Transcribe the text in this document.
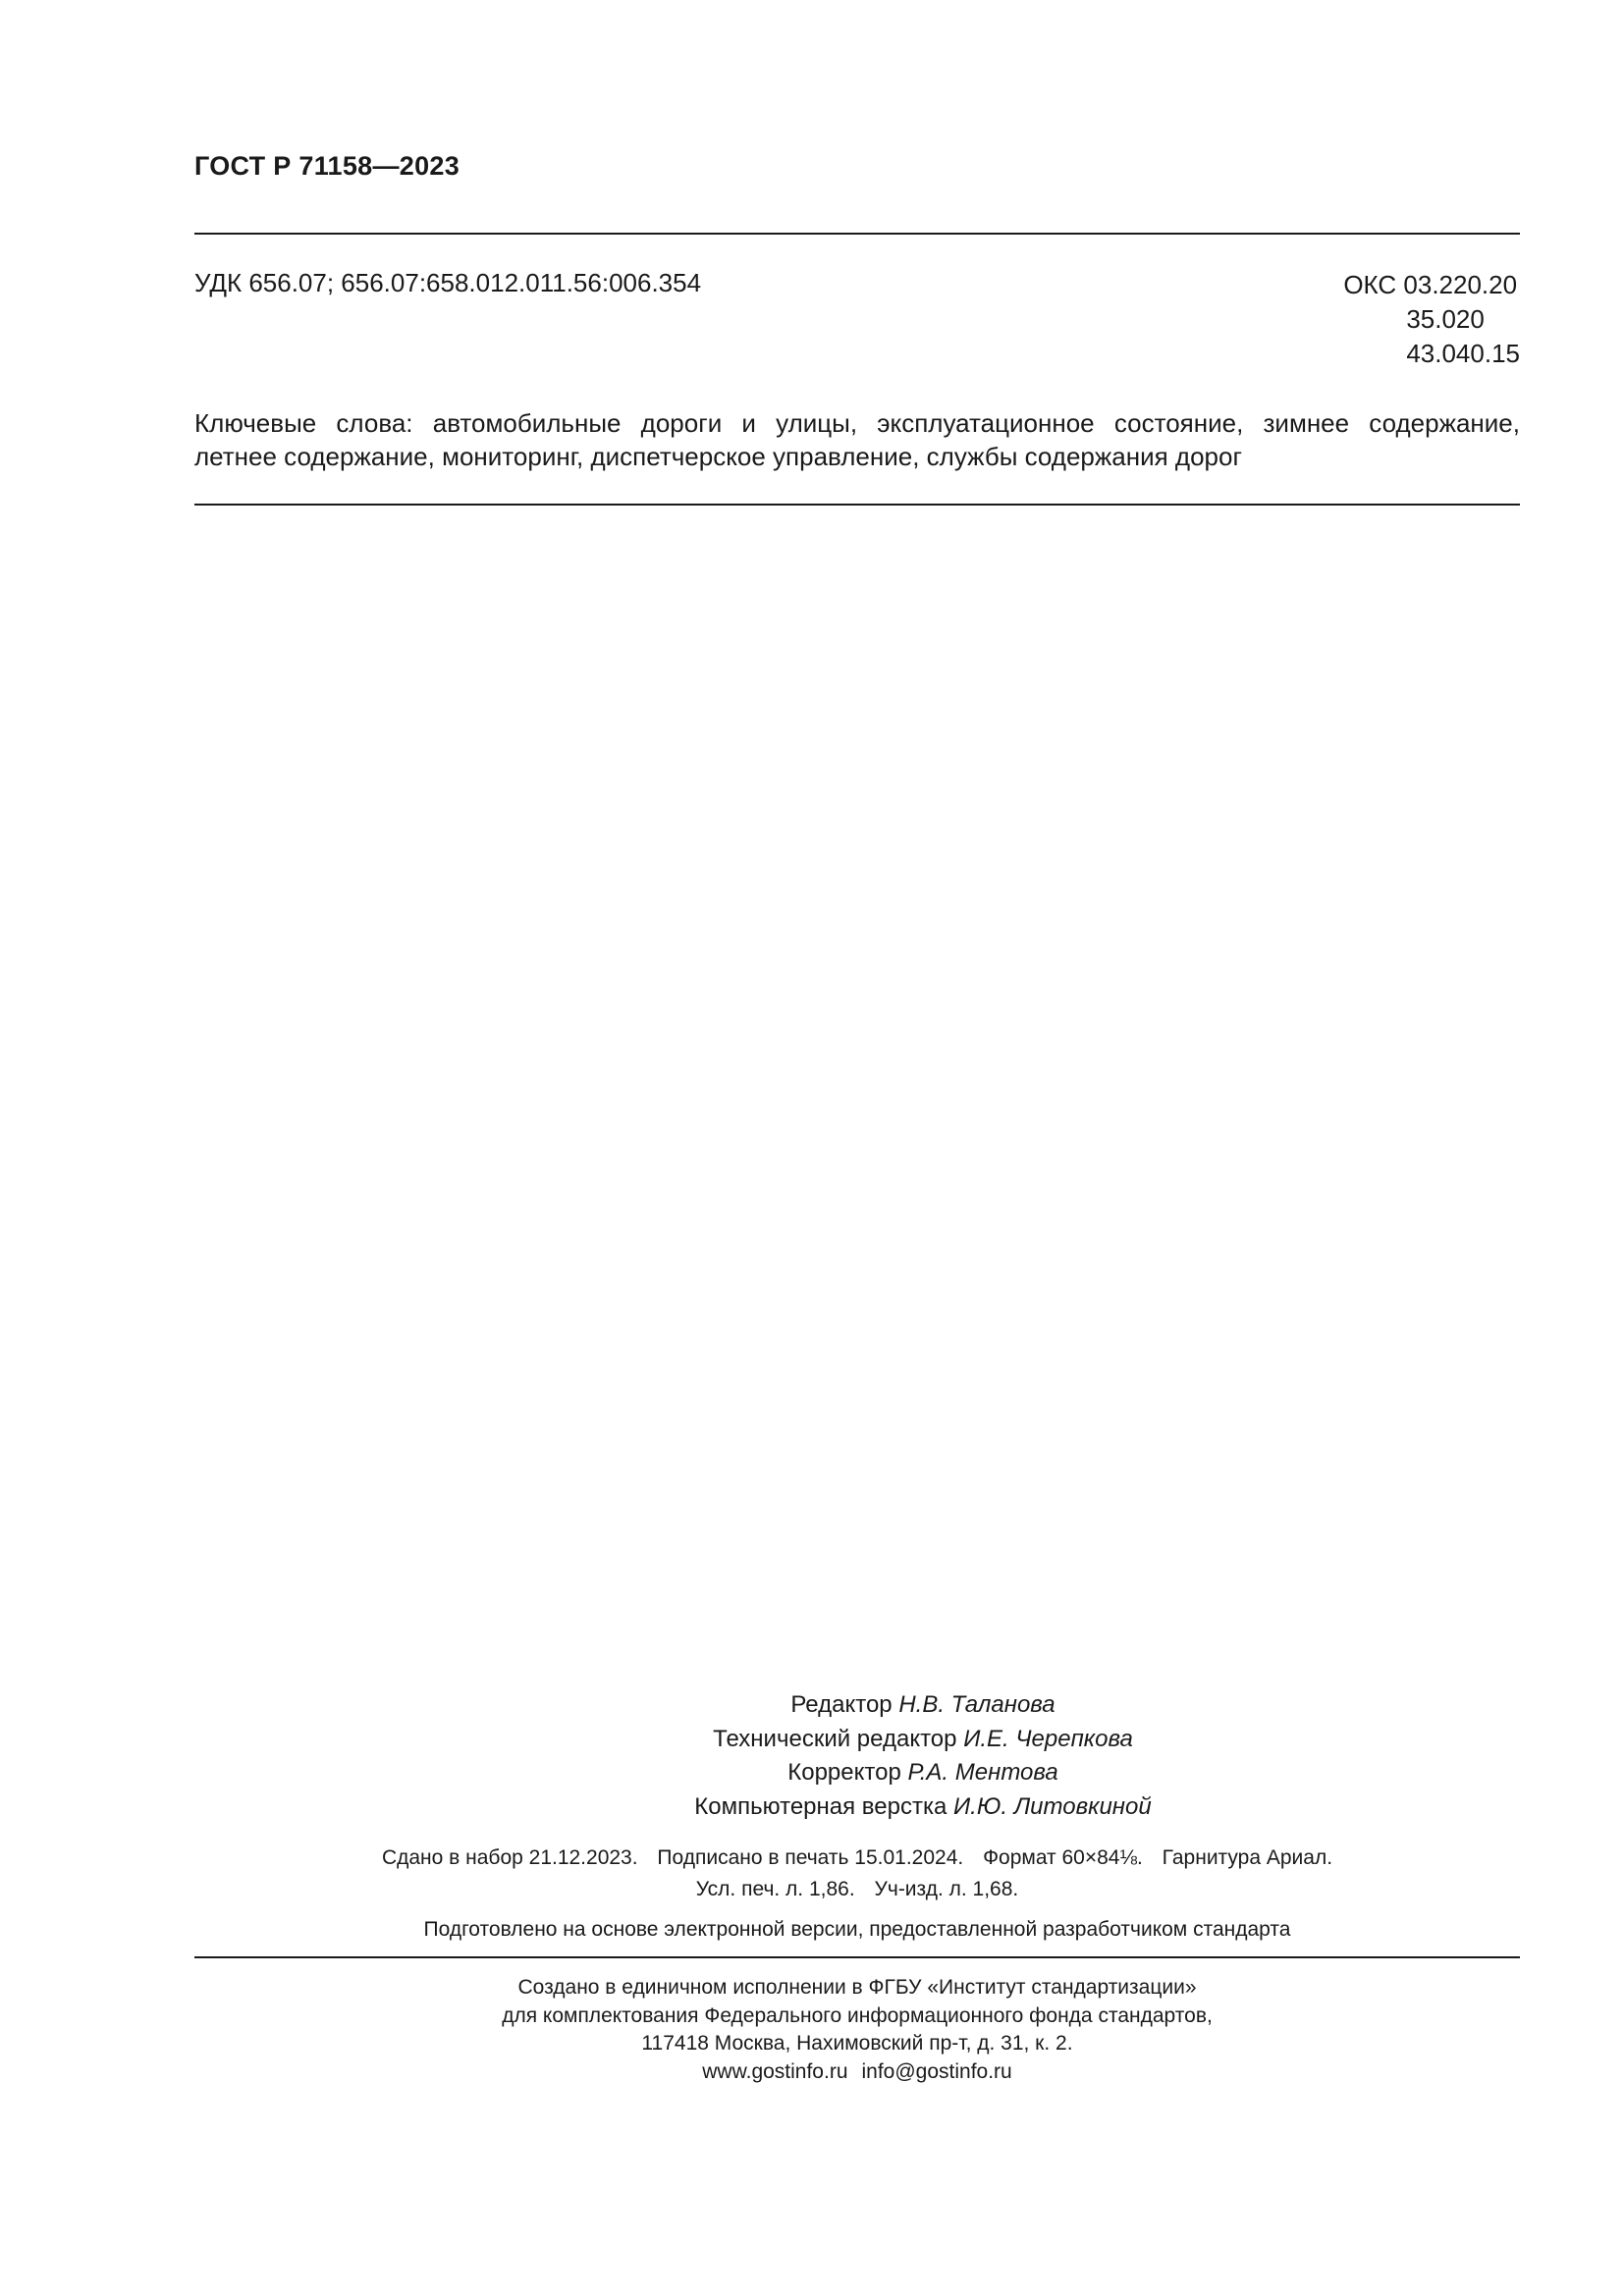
ГОСТ Р 71158—2023
УДК 656.07; 656.07:658.012.011.56:006.354	ОКС 03.220.20
35.020
43.040.15
Ключевые слова: автомобильные дороги и улицы, эксплуатационное состояние, зимнее содержание,
летнее содержание, мониторинг, диспетчерское управление, службы содержания дорог
Редактор Н.В. Таланова
Технический редактор И.Е. Черепкова
Корректор Р.А. Ментова
Компьютерная верстка И.Ю. Литовкиной
Сдано в набор 21.12.2023. Подписано в печать 15.01.2024. Формат 60×84⅛. Гарнитура Ариал.
Усл. печ. л. 1,86. Уч-изд. л. 1,68.
Подготовлено на основе электронной версии, предоставленной разработчиком стандарта
Создано в единичном исполнении в ФГБУ «Институт стандартизации»
для комплектования Федерального информационного фонда стандартов,
117418 Москва, Нахимовский пр-т, д. 31, к. 2.
www.gostinfo.ru info@gostinfo.ru
